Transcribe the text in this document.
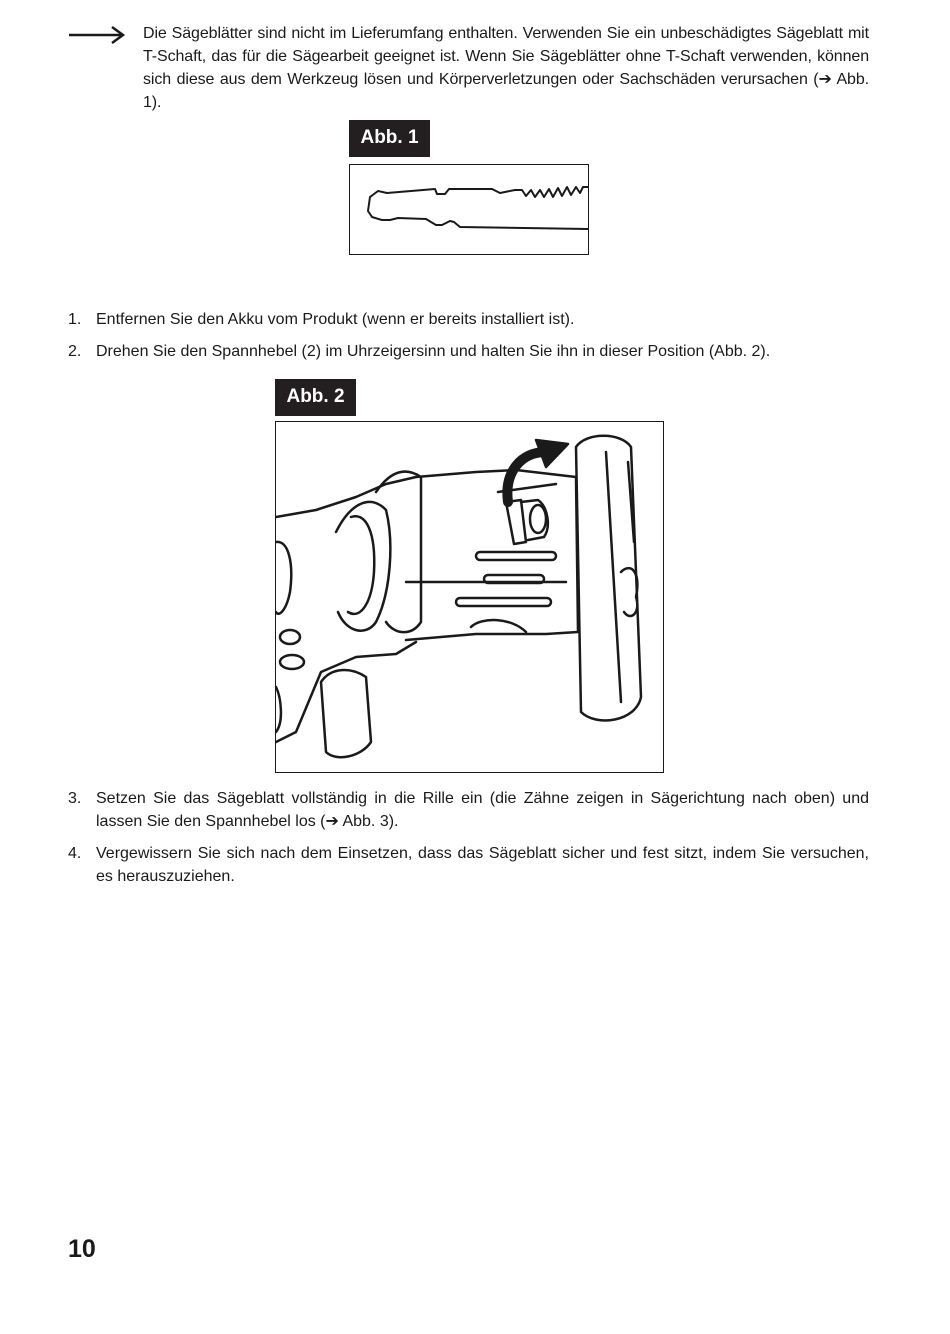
Die Sägeblätter sind nicht im Lieferumfang enthalten. Verwenden Sie ein unbeschädigtes Sägeblatt mit T-Schaft, das für die Sägearbeit geeignet ist. Wenn Sie Sägeblätter ohne T-Schaft verwenden, können sich diese aus dem Werkzeug lösen und Körperverletzungen oder Sachschäden verursachen (➔ Abb. 1).
Abb. 1
1. Entfernen Sie den Akku vom Produkt (wenn er bereits installiert ist).
2. Drehen Sie den Spannhebel (2) im Uhrzeigersinn und halten Sie ihn in dieser Position (Abb. 2).
Abb. 2
3. Setzen Sie das Sägeblatt vollständig in die Rille ein (die Zähne zeigen in Sägerichtung nach oben) und lassen Sie den Spannhebel los (➔ Abb. 3).
4. Vergewissern Sie sich nach dem Einsetzen, dass das Sägeblatt sicher und fest sitzt, indem Sie versuchen, es herauszuziehen.
10
